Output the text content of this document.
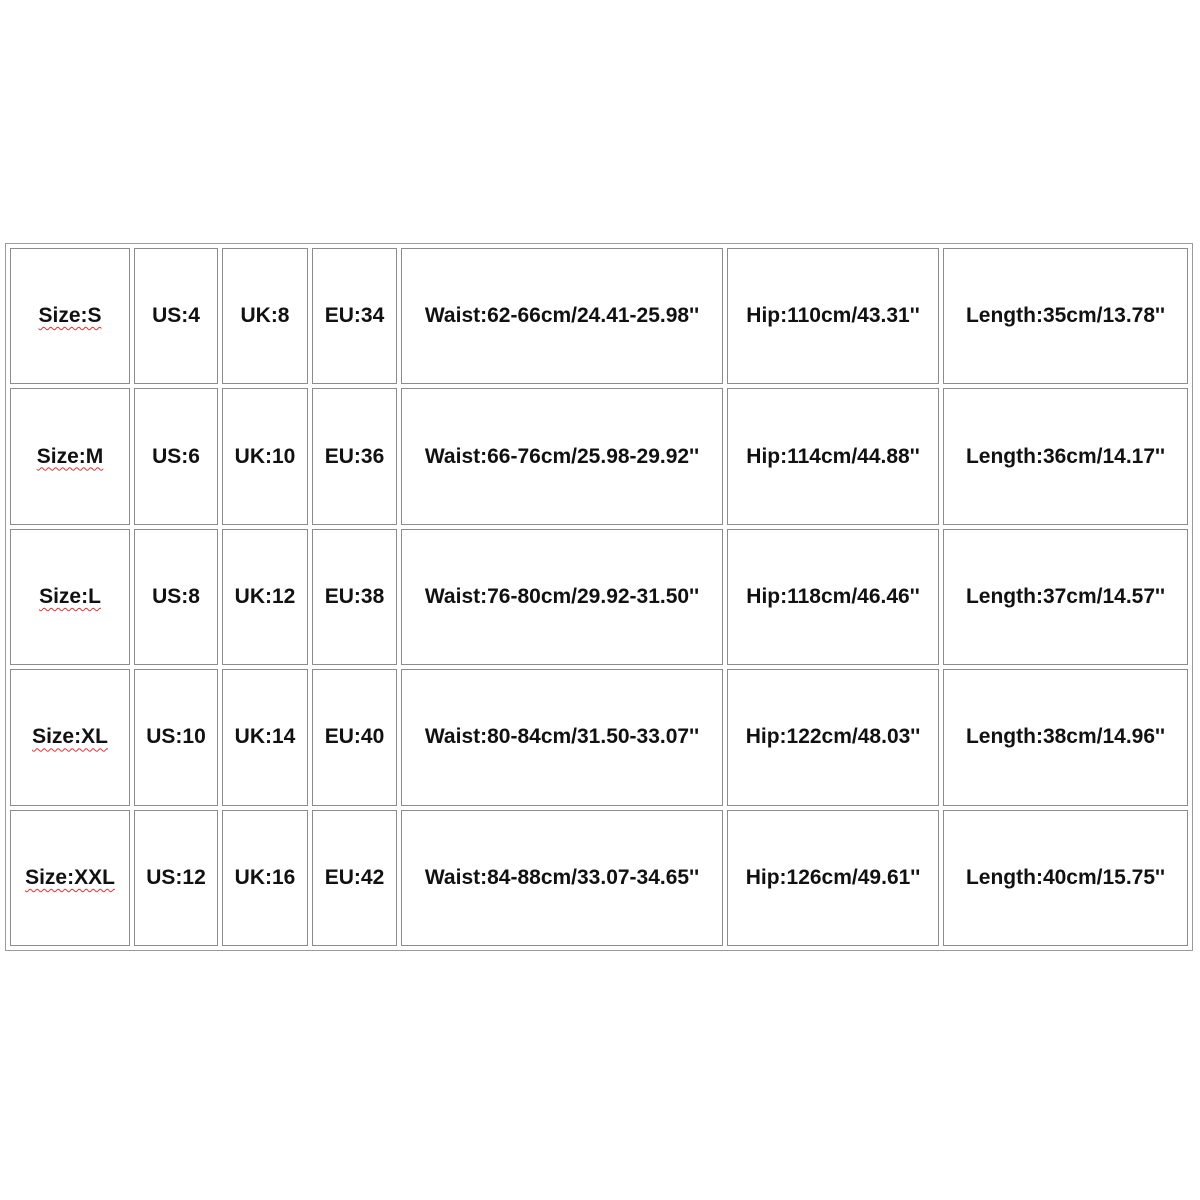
Size:S	US:4	UK:8	EU:34	Waist:62-66cm/24.41-25.98''	Hip:110cm/43.31''	Length:35cm/13.78''
Size:M	US:6	UK:10	EU:36	Waist:66-76cm/25.98-29.92''	Hip:114cm/44.88''	Length:36cm/14.17''
Size:L	US:8	UK:12	EU:38	Waist:76-80cm/29.92-31.50''	Hip:118cm/46.46''	Length:37cm/14.57''
Size:XL	US:10	UK:14	EU:40	Waist:80-84cm/31.50-33.07''	Hip:122cm/48.03''	Length:38cm/14.96''
Size:XXL	US:12	UK:16	EU:42	Waist:84-88cm/33.07-34.65''	Hip:126cm/49.61''	Length:40cm/15.75''
